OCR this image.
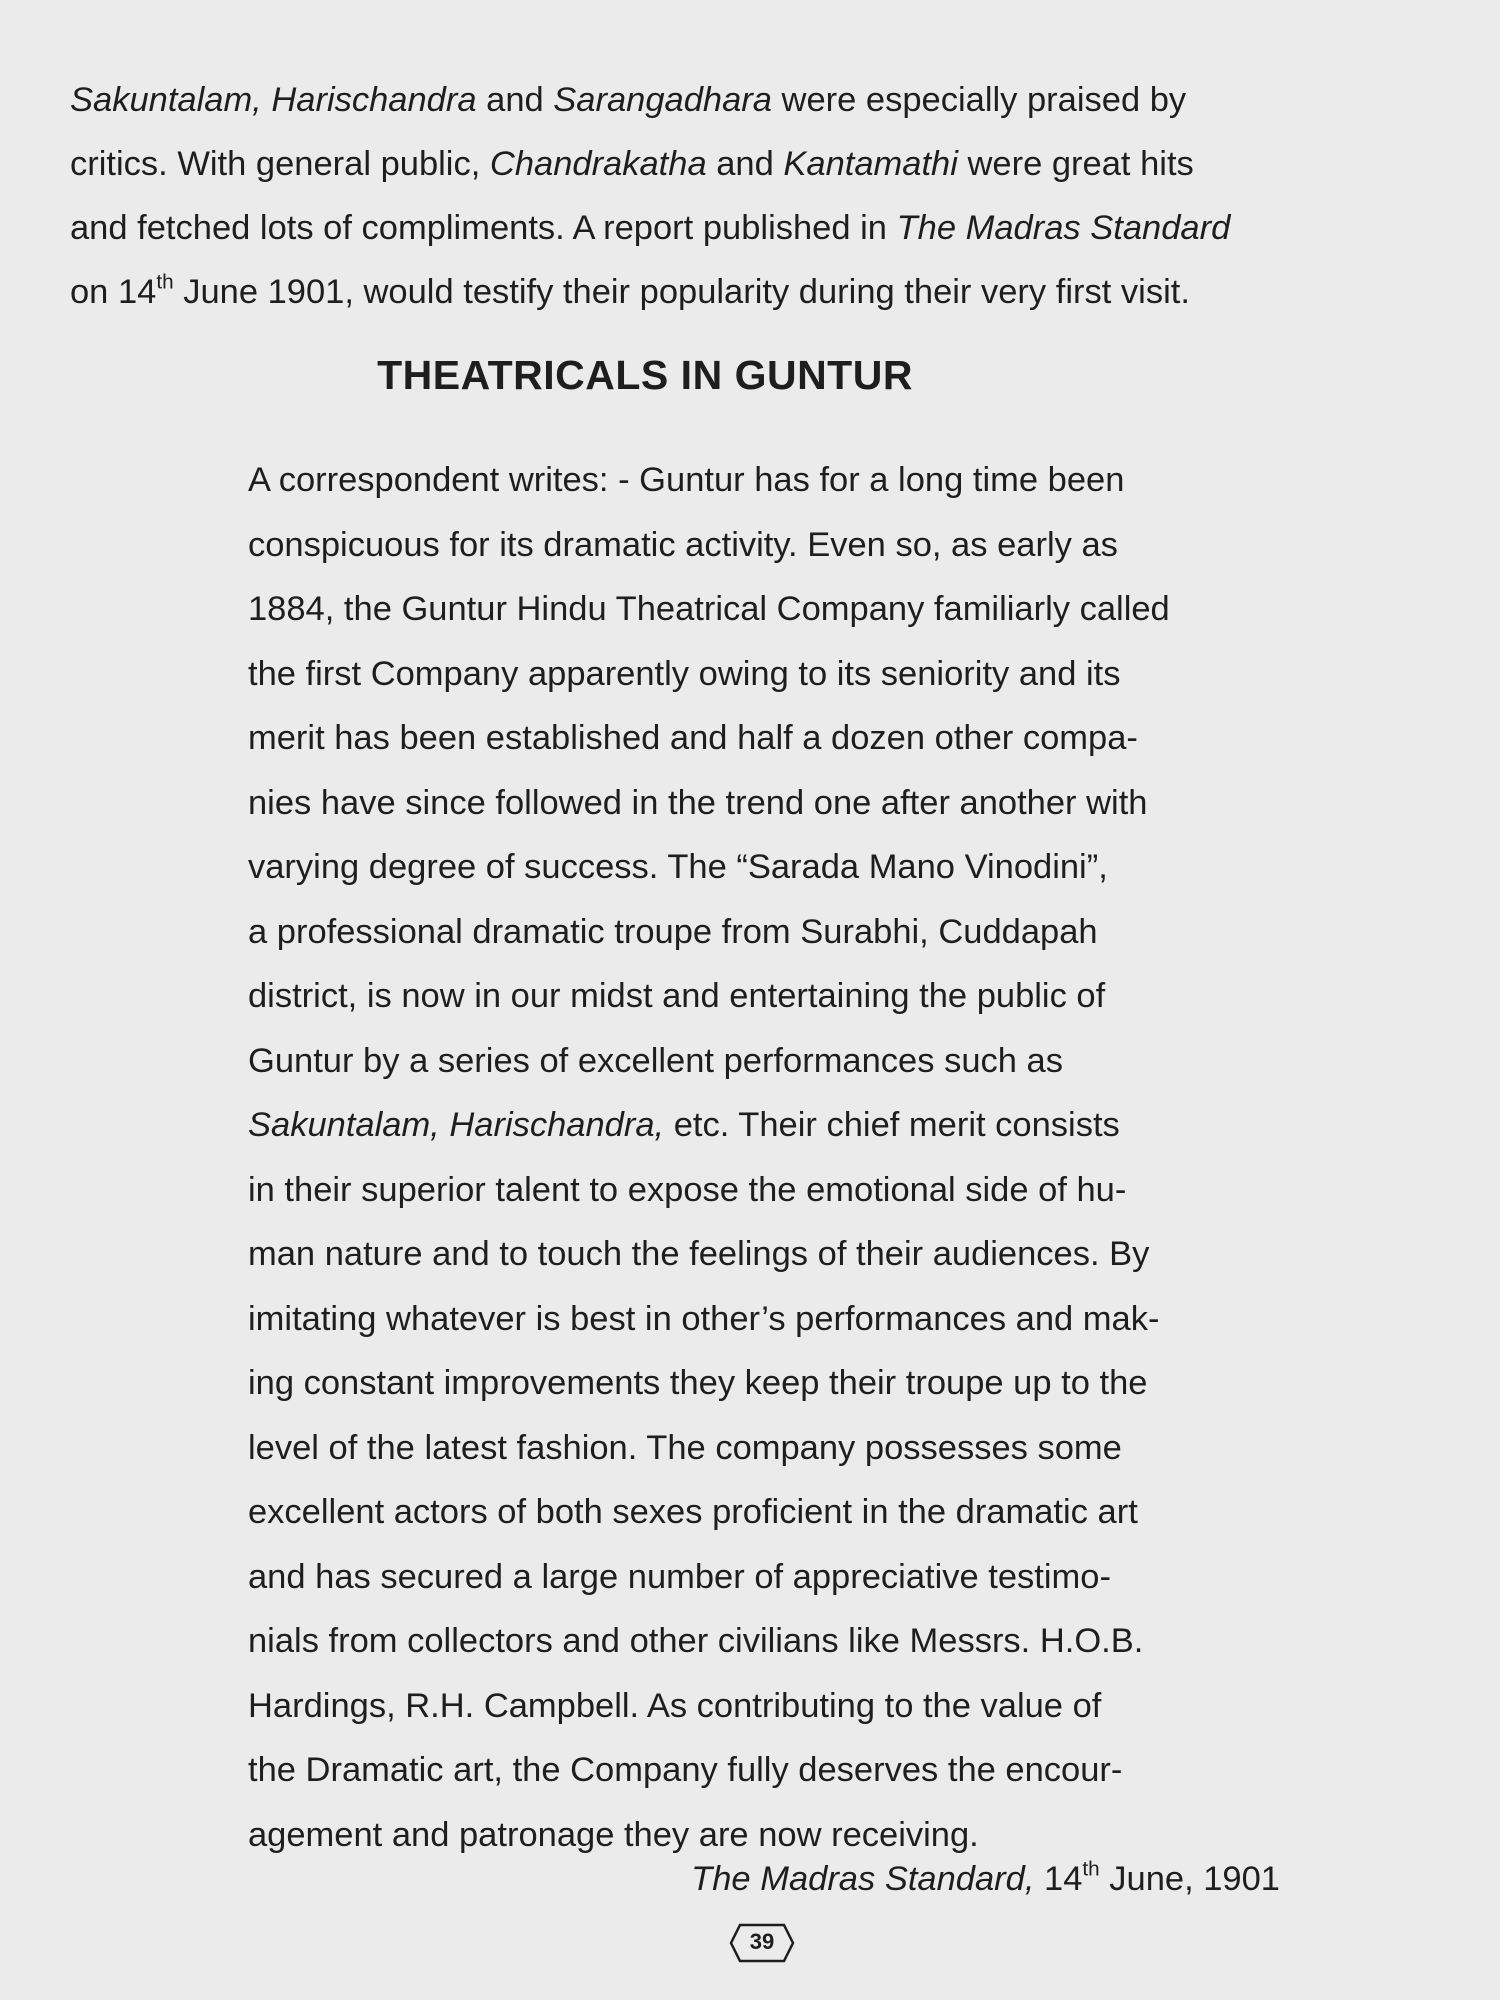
Sakuntalam, Harischandra and Sarangadhara were especially praised by
critics. With general public, Chandrakatha and Kantamathi were great hits
and fetched lots of compliments. A report published in The Madras Standard
on 14th June 1901, would testify their popularity during their very first visit.
THEATRICALS IN GUNTUR
A correspondent writes: - Guntur has for a long time been
conspicuous for its dramatic activity. Even so, as early as
1884, the Guntur Hindu Theatrical Company familiarly called
the first Company apparently owing to its seniority and its
merit has been established and half a dozen other compa-
nies have since followed in the trend one after another with
varying degree of success. The “Sarada Mano Vinodini”,
a professional dramatic troupe from Surabhi, Cuddapah
district, is now in our midst and entertaining the public of
Guntur by a series of excellent performances such as
Sakuntalam, Harischandra, etc. Their chief merit consists
in their superior talent to expose the emotional side of hu-
man nature and to touch the feelings of their audiences. By
imitating whatever is best in other’s performances and mak-
ing constant improvements they keep their troupe up to the
level of the latest fashion. The company possesses some
excellent actors of both sexes proficient in the dramatic art
and has secured a large number of appreciative testimo-
nials from collectors and other civilians like Messrs. H.O.B.
Hardings, R.H. Campbell. As contributing to the value of
the Dramatic art, the Company fully deserves the encour-
agement and patronage they are now receiving.
The Madras Standard, 14th June, 1901
39
